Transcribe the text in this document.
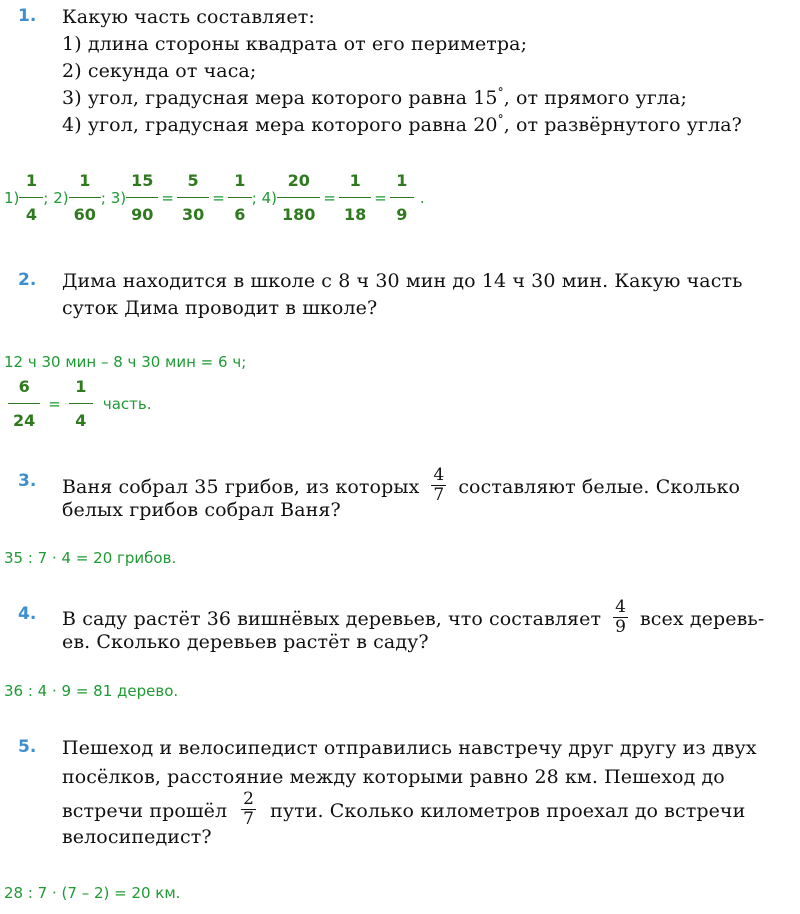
1. Какую часть составляет:
1) длина стороны квадрата от его периметра;
2) секунда от часа;
3) угол, градусная мера которого равна 15°, от прямого угла;
4) угол, градусная мера которого равна 20°, от развёрнутого угла?
$1) \frac{1}{4}$ ; $2) \frac{1}{60}$ ; $3) \frac{15}{90} = \frac{5}{30} = \frac{1}{6}$ ; $4) \frac{20}{180} = \frac{1}{18} = \frac{1}{9}$ .
2. Дима находится в школе с 8 ч 30 мин до 14 ч 30 мин. Какую часть
суток Дима проводит в школе?
12 ч 30 мин – 8 ч 30 мин = 6 ч;
$\frac{6}{24} = \frac{1}{4}$ часть.
3. Ваня собрал 35 грибов, из которых $\frac{4}{7}$ составляют белые. Сколько
белых грибов собрал Ваня?
35 : 7 · 4 = 20 грибов.
4. В саду растёт 36 вишнёвых деревьев, что составляет $\frac{4}{9}$ всех деревь-
ев. Сколько деревьев растёт в саду?
36 : 4 · 9 = 81 дерево.
5. Пешеход и велосипедист отправились навстречу друг другу из двух
посёлков, расстояние между которыми равно 28 км. Пешеход до
встречи прошёл $\frac{2}{7}$ пути. Сколько километров проехал до встречи
велосипедист?
28 : 7 · (7 – 2) = 20 км.
